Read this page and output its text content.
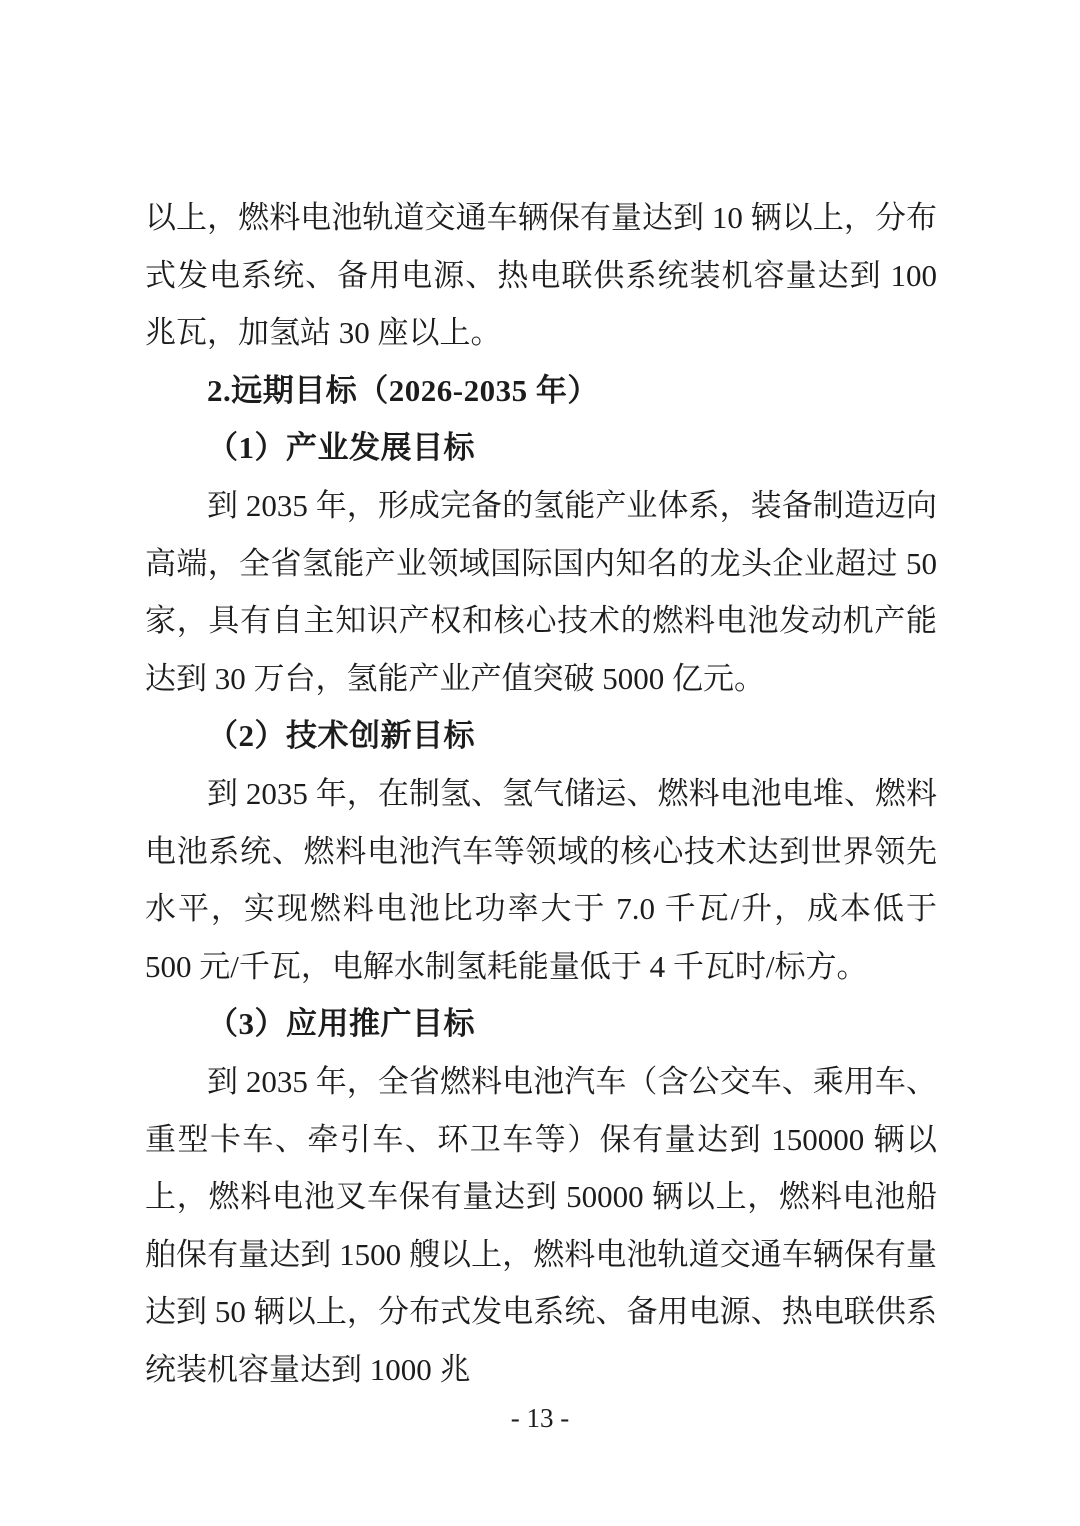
以上，燃料电池轨道交通车辆保有量达到 10 辆以上，分布式发电系统、备用电源、热电联供系统装机容量达到 100 兆瓦，加氢站 30 座以上。

2.远期目标（2026-2035 年）
（1）产业发展目标

到 2035 年，形成完备的氢能产业体系，装备制造迈向高端，全省氢能产业领域国际国内知名的龙头企业超过 50 家，具有自主知识产权和核心技术的燃料电池发动机产能达到 30 万台，氢能产业产值突破 5000 亿元。

（2）技术创新目标

到 2035 年，在制氢、氢气储运、燃料电池电堆、燃料电池系统、燃料电池汽车等领域的核心技术达到世界领先水平，实现燃料电池比功率大于 7.0 千瓦/升，成本低于 500 元/千瓦，电解水制氢耗能量低于 4 千瓦时/标方。

（3）应用推广目标

到 2035 年，全省燃料电池汽车（含公交车、乘用车、重型卡车、牵引车、环卫车等）保有量达到 150000 辆以上，燃料电池叉车保有量达到 50000 辆以上，燃料电池船舶保有量达到 1500 艘以上，燃料电池轨道交通车辆保有量达到 50 辆以上，分布式发电系统、备用电源、热电联供系统装机容量达到 1000 兆

- 13 -
